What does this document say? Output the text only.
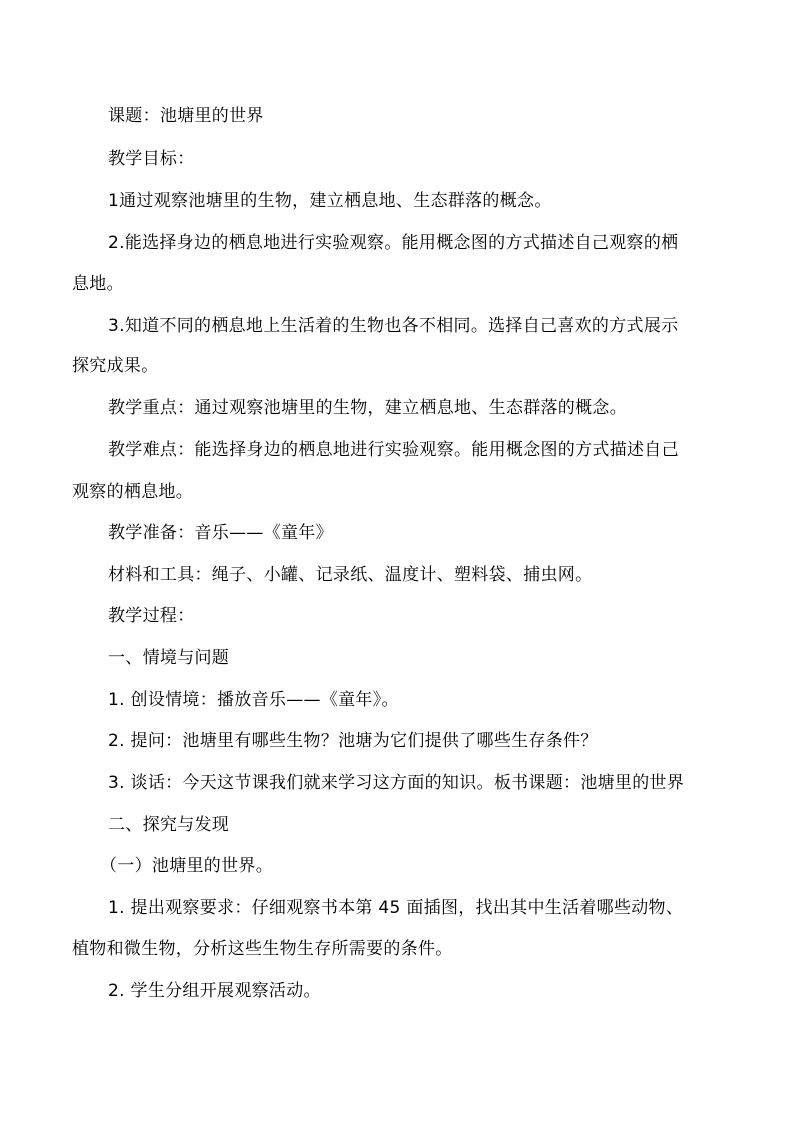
课题：池塘里的世界
教学目标：
1通过观察池塘里的生物，建立栖息地、生态群落的概念。
2.能选择身边的栖息地进行实验观察。能用概念图的方式描述自己观察的栖
息地。
3.知道不同的栖息地上生活着的生物也各不相同。选择自己喜欢的方式展示
探究成果。
教学重点：通过观察池塘里的生物，建立栖息地、生态群落的概念。
教学难点：能选择身边的栖息地进行实验观察。能用概念图的方式描述自己
观察的栖息地。
教学准备：音乐——《童年》
材料和工具：绳子、小罐、记录纸、温度计、塑料袋、捕虫网。
教学过程：
一、情境与问题
1. 创设情境：播放音乐——《童年》。
2. 提问：池塘里有哪些生物？池塘为它们提供了哪些生存条件？
3. 谈话：今天这节课我们就来学习这方面的知识。板书课题：池塘里的世界
二、探究与发现
（一）池塘里的世界。
1. 提出观察要求：仔细观察书本第 45 面插图，找出其中生活着哪些动物、
植物和微生物，分析这些生物生存所需要的条件。
2. 学生分组开展观察活动。
